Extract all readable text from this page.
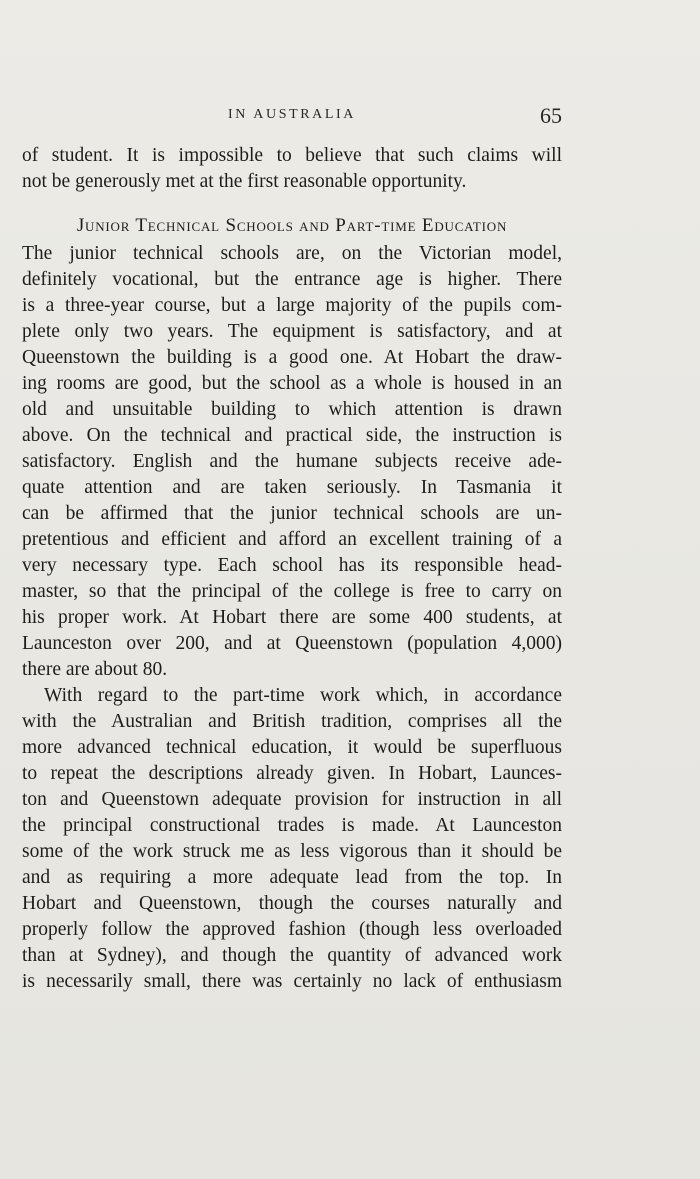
IN AUSTRALIA	65
of student. It is impossible to believe that such claims will
not be generously met at the first reasonable opportunity.
Junior Technical Schools and Part-time Education
The junior technical schools are, on the Victorian model,
definitely vocational, but the entrance age is higher. There
is a three-year course, but a large majority of the pupils com-
plete only two years. The equipment is satisfactory, and at
Queenstown the building is a good one. At Hobart the draw-
ing rooms are good, but the school as a whole is housed in an
old and unsuitable building to which attention is drawn
above. On the technical and practical side, the instruction is
satisfactory. English and the humane subjects receive ade-
quate attention and are taken seriously. In Tasmania it
can be affirmed that the junior technical schools are un-
pretentious and efficient and afford an excellent training of a
very necessary type. Each school has its responsible head-
master, so that the principal of the college is free to carry on
his proper work. At Hobart there are some 400 students, at
Launceston over 200, and at Queenstown (population 4,000)
there are about 80.
With regard to the part-time work which, in accordance
with the Australian and British tradition, comprises all the
more advanced technical education, it would be superfluous
to repeat the descriptions already given. In Hobart, Launces-
ton and Queenstown adequate provision for instruction in all
the principal constructional trades is made. At Launceston
some of the work struck me as less vigorous than it should be
and as requiring a more adequate lead from the top. In
Hobart and Queenstown, though the courses naturally and
properly follow the approved fashion (though less overloaded
than at Sydney), and though the quantity of advanced work
is necessarily small, there was certainly no lack of enthusiasm
